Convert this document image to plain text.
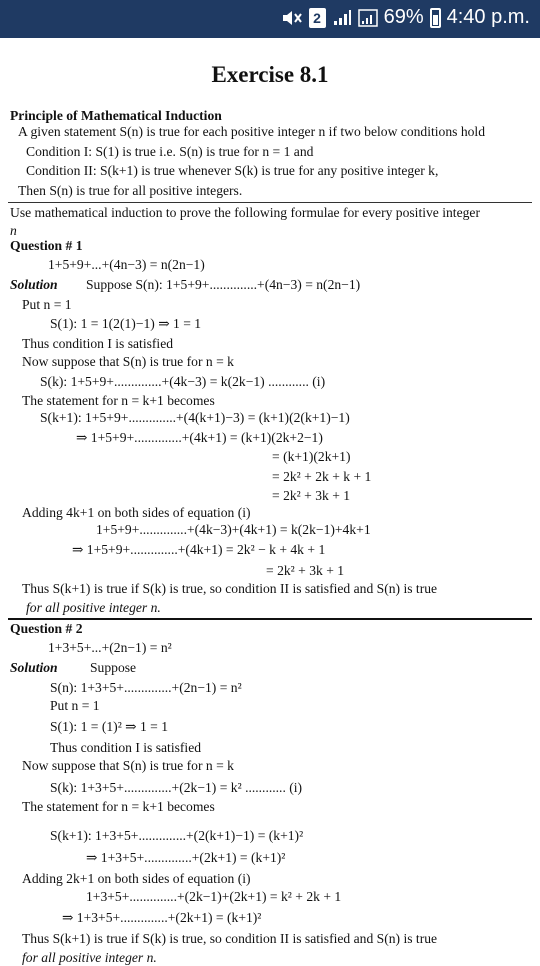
2	69% 4:40 p.m.
Exercise 8.1
Principle of Mathematical Induction
A given statement S(n) is true for each positive integer n if two below conditions hold
Condition I: S(1) is true i.e. S(n) is true for n = 1 and
Condition II: S(k+1) is true whenever S(k) is true for any positive integer k,
Then S(n) is true for all positive integers.
Use mathematical induction to prove the following formulae for every positive integer
n
Question # 1
1+5+9+...+(4n−3) = n(2n−1)
Solution Suppose S(n): 1+5+9+..............+(4n−3) = n(2n−1)
Put n = 1
S(1): 1 = 1(2(1)−1) ⇒ 1 = 1
Thus condition I is satisfied
Now suppose that S(n) is true for n = k
S(k): 1+5+9+..............+(4k−3) = k(2k−1) ............ (i)
The statement for n = k+1 becomes
S(k+1): 1+5+9+..............+(4(k+1)−3) = (k+1)(2(k+1)−1)
⇒ 1+5+9+..............+(4k+1) = (k+1)(2k+2−1)
= (k+1)(2k+1)
= 2k² + 2k + k + 1
= 2k² + 3k + 1
Adding 4k+1 on both sides of equation (i)
1+5+9+..............+(4k−3)+(4k+1) = k(2k−1)+4k+1
⇒ 1+5+9+..............+(4k+1) = 2k² − k + 4k + 1
= 2k² + 3k + 1
Thus S(k+1) is true if S(k) is true, so condition II is satisfied and S(n) is true
for all positive integer n.
Question # 2
1+3+5+...+(2n−1) = n²
Solution Suppose
S(n): 1+3+5+..............+(2n−1) = n²
Put n = 1
S(1): 1 = (1)² ⇒ 1 = 1
Thus condition I is satisfied
Now suppose that S(n) is true for n = k
S(k): 1+3+5+..............+(2k−1) = k² ............ (i)
The statement for n = k+1 becomes
S(k+1): 1+3+5+..............+(2(k+1)−1) = (k+1)²
⇒ 1+3+5+..............+(2k+1) = (k+1)²
Adding 2k+1 on both sides of equation (i)
1+3+5+..............+(2k−1)+(2k+1) = k² + 2k + 1
⇒ 1+3+5+..............+(2k+1) = (k+1)²
Thus S(k+1) is true if S(k) is true, so condition II is satisfied and S(n) is true
for all positive integer n.
